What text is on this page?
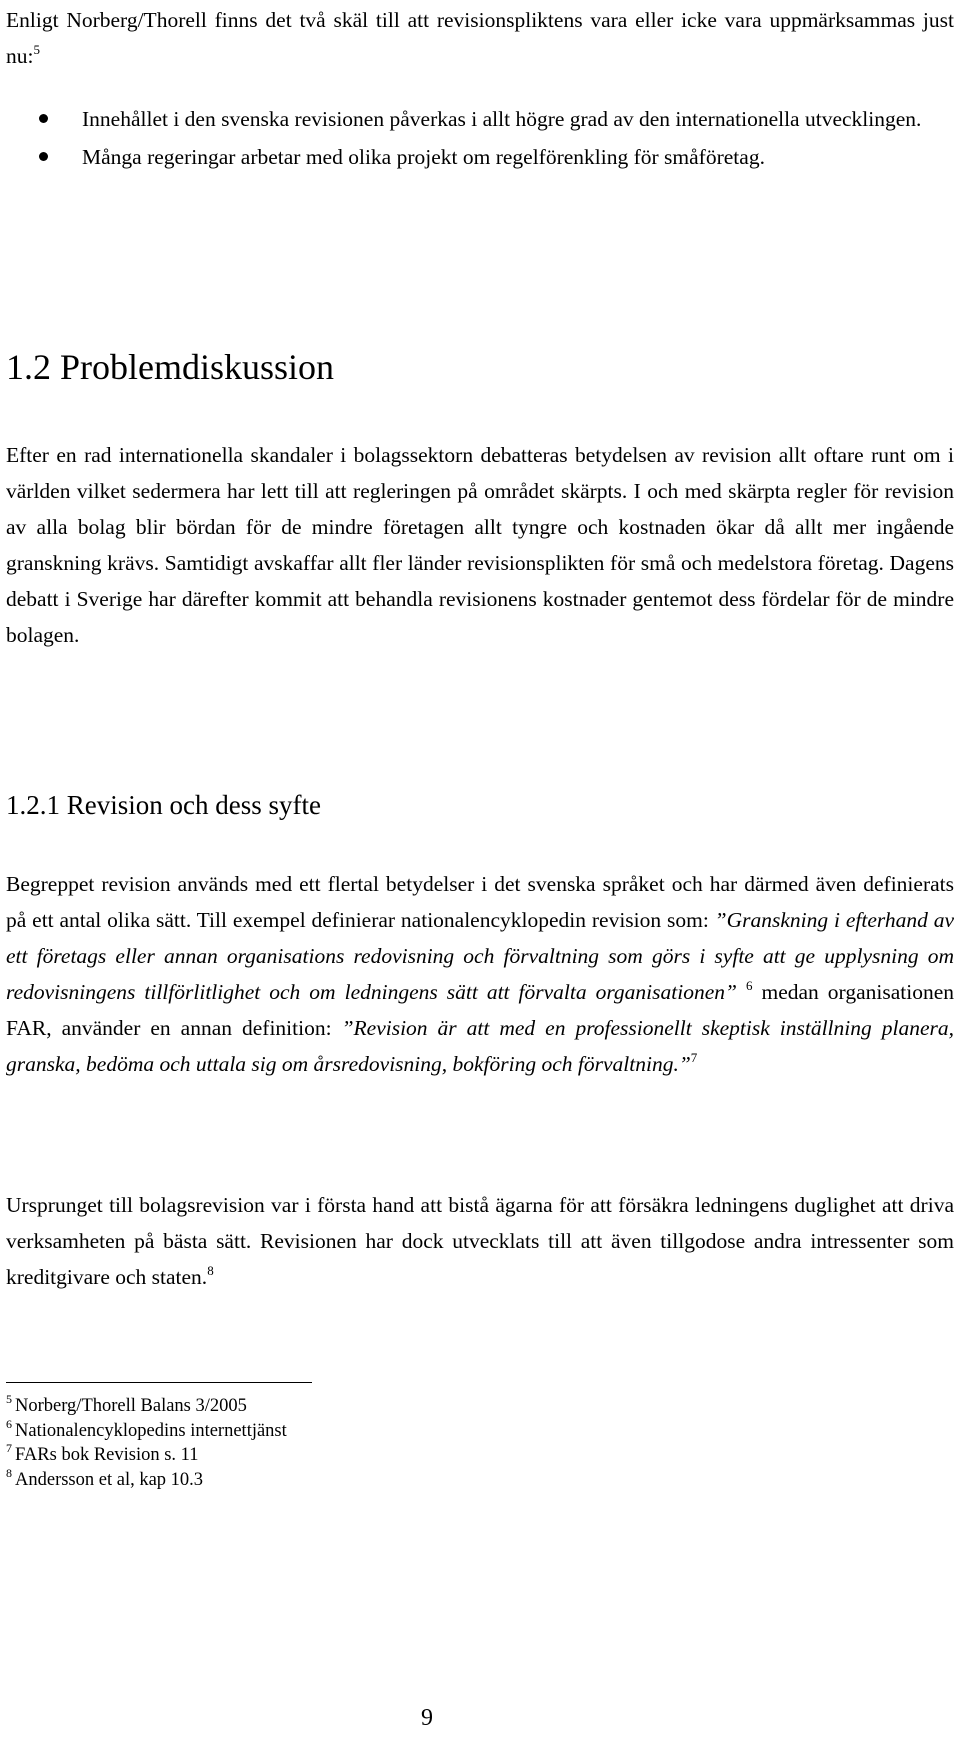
Enligt Norberg/Thorell finns det två skäl till att revisionspliktens vara eller icke vara uppmärksammas just nu:$^5$

Innehållet i den svenska revisionen påverkas i allt högre grad av den internationella utvecklingen.
Många regeringar arbetar med olika projekt om regelförenkling för småföretag.
1.2 Problemdiskussion

Efter en rad internationella skandaler i bolagssektorn debatteras betydelsen av revision allt oftare runt om i världen vilket sedermera har lett till att regleringen på området skärpts. I och med skärpta regler för revision av alla bolag blir bördan för de mindre företagen allt tyngre och kostnaden ökar då allt mer ingående granskning krävs. Samtidigt avskaffar allt fler länder revisionsplikten för små och medelstora företag. Dagens debatt i Sverige har därefter kommit att behandla revisionens kostnader gentemot dess fördelar för de mindre bolagen.

1.2.1 Revision och dess syfte

Begreppet revision används med ett flertal betydelser i det svenska språket och har därmed även definierats på ett antal olika sätt. Till exempel definierar nationalencyklopedin revision som: ”Granskning i efterhand av ett företags eller annan organisations redovisning och förvaltning som görs i syfte att ge upplysning om redovisningens tillförlitlighet och om ledningens sätt att förvalta organisationen” $^6$ medan organisationen FAR, använder en annan definition: ”Revision är att med en professionellt skeptisk inställning planera, granska, bedöma och uttala sig om årsredovisning, bokföring och förvaltning.”$^7$

Ursprunget till bolagsrevision var i första hand att bistå ägarna för att försäkra ledningens duglighet att driva verksamheten på bästa sätt. Revisionen har dock utvecklats till att även tillgodose andra intressenter som kreditgivare och staten.$^8$

$^5$ Norberg/Thorell Balans 3/2005
$^6$ Nationalencyklopedins internettjänst
$^7$ FARs bok Revision s. 11
$^8$ Andersson et al, kap 10.3
9
